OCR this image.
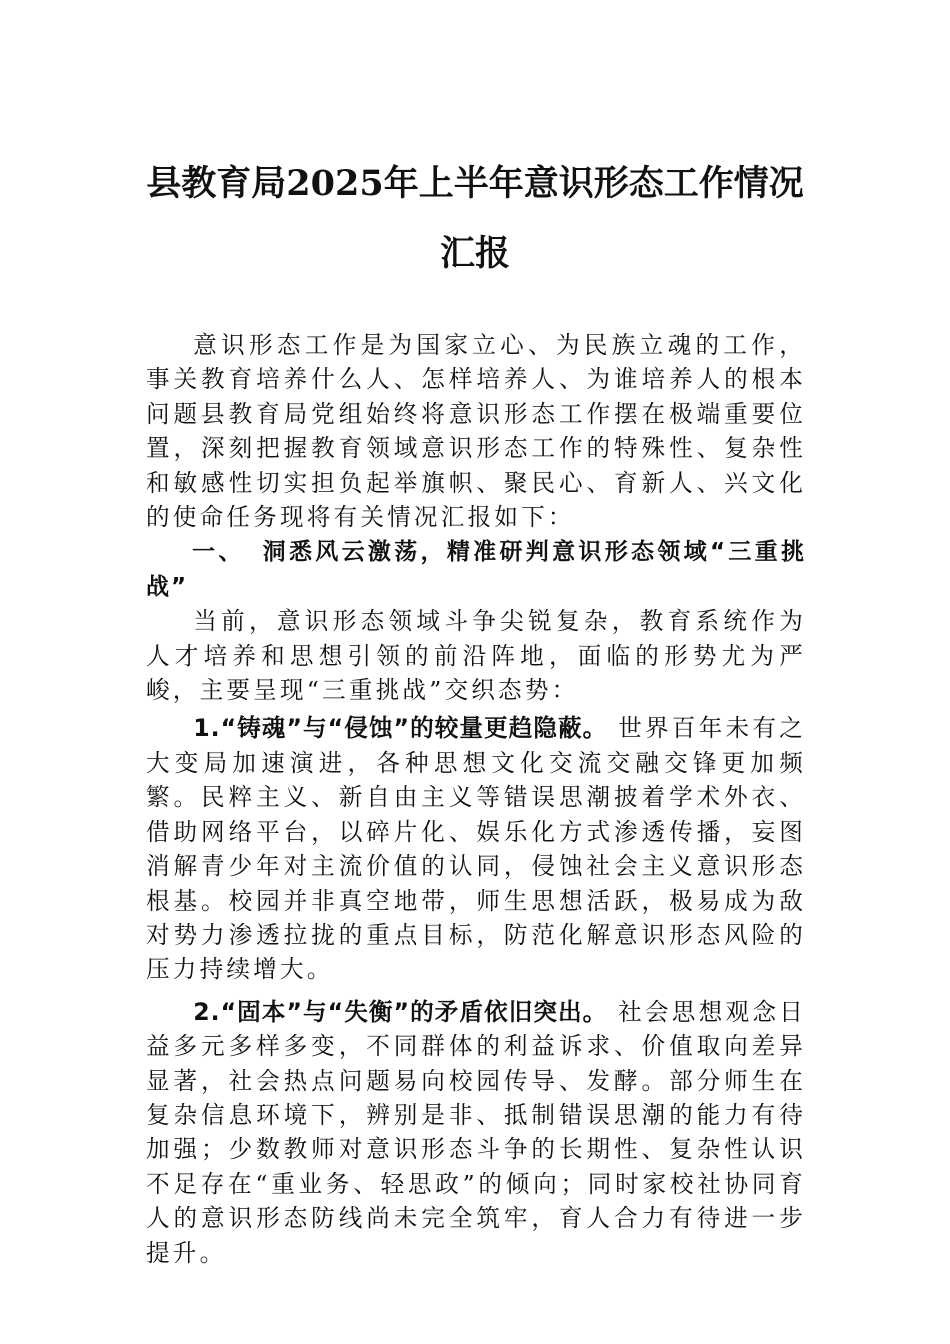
县教育局2025年上半年意识形态工作情况
汇报

意识形态工作是为国家立心、为民族立魂的工作，事关教育培养什么人、怎样培养人、为谁培养人的根本问题县教育局党组始终将意识形态工作摆在极端重要位置，深刻把握教育领域意识形态工作的特殊性、复杂性和敏感性切实担负起举旗帜、聚民心、育新人、兴文化的使命任务现将有关情况汇报如下：

一、 洞悉风云激荡，精准研判意识形态领域“三重挑战”

当前，意识形态领域斗争尖锐复杂，教育系统作为人才培养和思想引领的前沿阵地，面临的形势尤为严峻，主要呈现“三重挑战”交织态势：

1.“铸魂”与“侵蚀”的较量更趋隐蔽。 世界百年未有之大变局加速演进，各种思想文化交流交融交锋更加频繁。民粹主义、新自由主义等错误思潮披着学术外衣、借助网络平台，以碎片化、娱乐化方式渗透传播，妄图消解青少年对主流价值的认同，侵蚀社会主义意识形态根基。校园并非真空地带，师生思想活跃，极易成为敌对势力渗透拉拢的重点目标，防范化解意识形态风险的压力持续增大。

2.“固本”与“失衡”的矛盾依旧突出。 社会思想观念日益多元多样多变，不同群体的利益诉求、价值取向差异显著，社会热点问题易向校园传导、发酵。部分师生在复杂信息环境下，辨别是非、抵制错误思潮的能力有待加强；少数教师对意识形态斗争的长期性、复杂性认识不足存在“重业务、轻思政”的倾向；同时家校社协同育人的意识形态防线尚未完全筑牢，育人合力有待进一步提升。
